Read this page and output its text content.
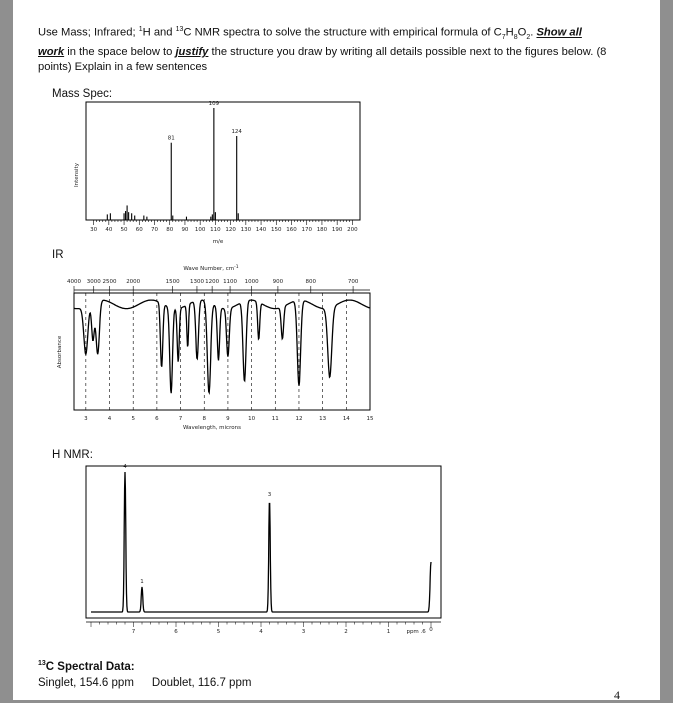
Use Mass; Infrared; $^1$H and $^{13}$C NMR spectra to solve the structure with empirical formula of $C_7H_8O_2$. Show all
work in the space below to justify the structure you draw by writing all details possible next to the figures below. (8 points) Explain in a few sentences
Mass Spec:
IR
H NMR:
Intensity
m/e
109
81
124
30 40 50 60 70 80 90 100 110 120 130 140 150 160 170 180 190 200
Wave Number, $cm^{-1}$
Absorbance
Wavelength, microns
3	4	5	6	7	8	9	10	11	12	13	14	15
4000 3000 2500 2000	1500 1300 1200 1100 1000	900	800	700
7	6	5	4	3	2	1	ppm .6 0
4
1
3
$^{13}$C Spectral Data:
Singlet, 154.6 ppm Doublet, 116.7 ppm
4
